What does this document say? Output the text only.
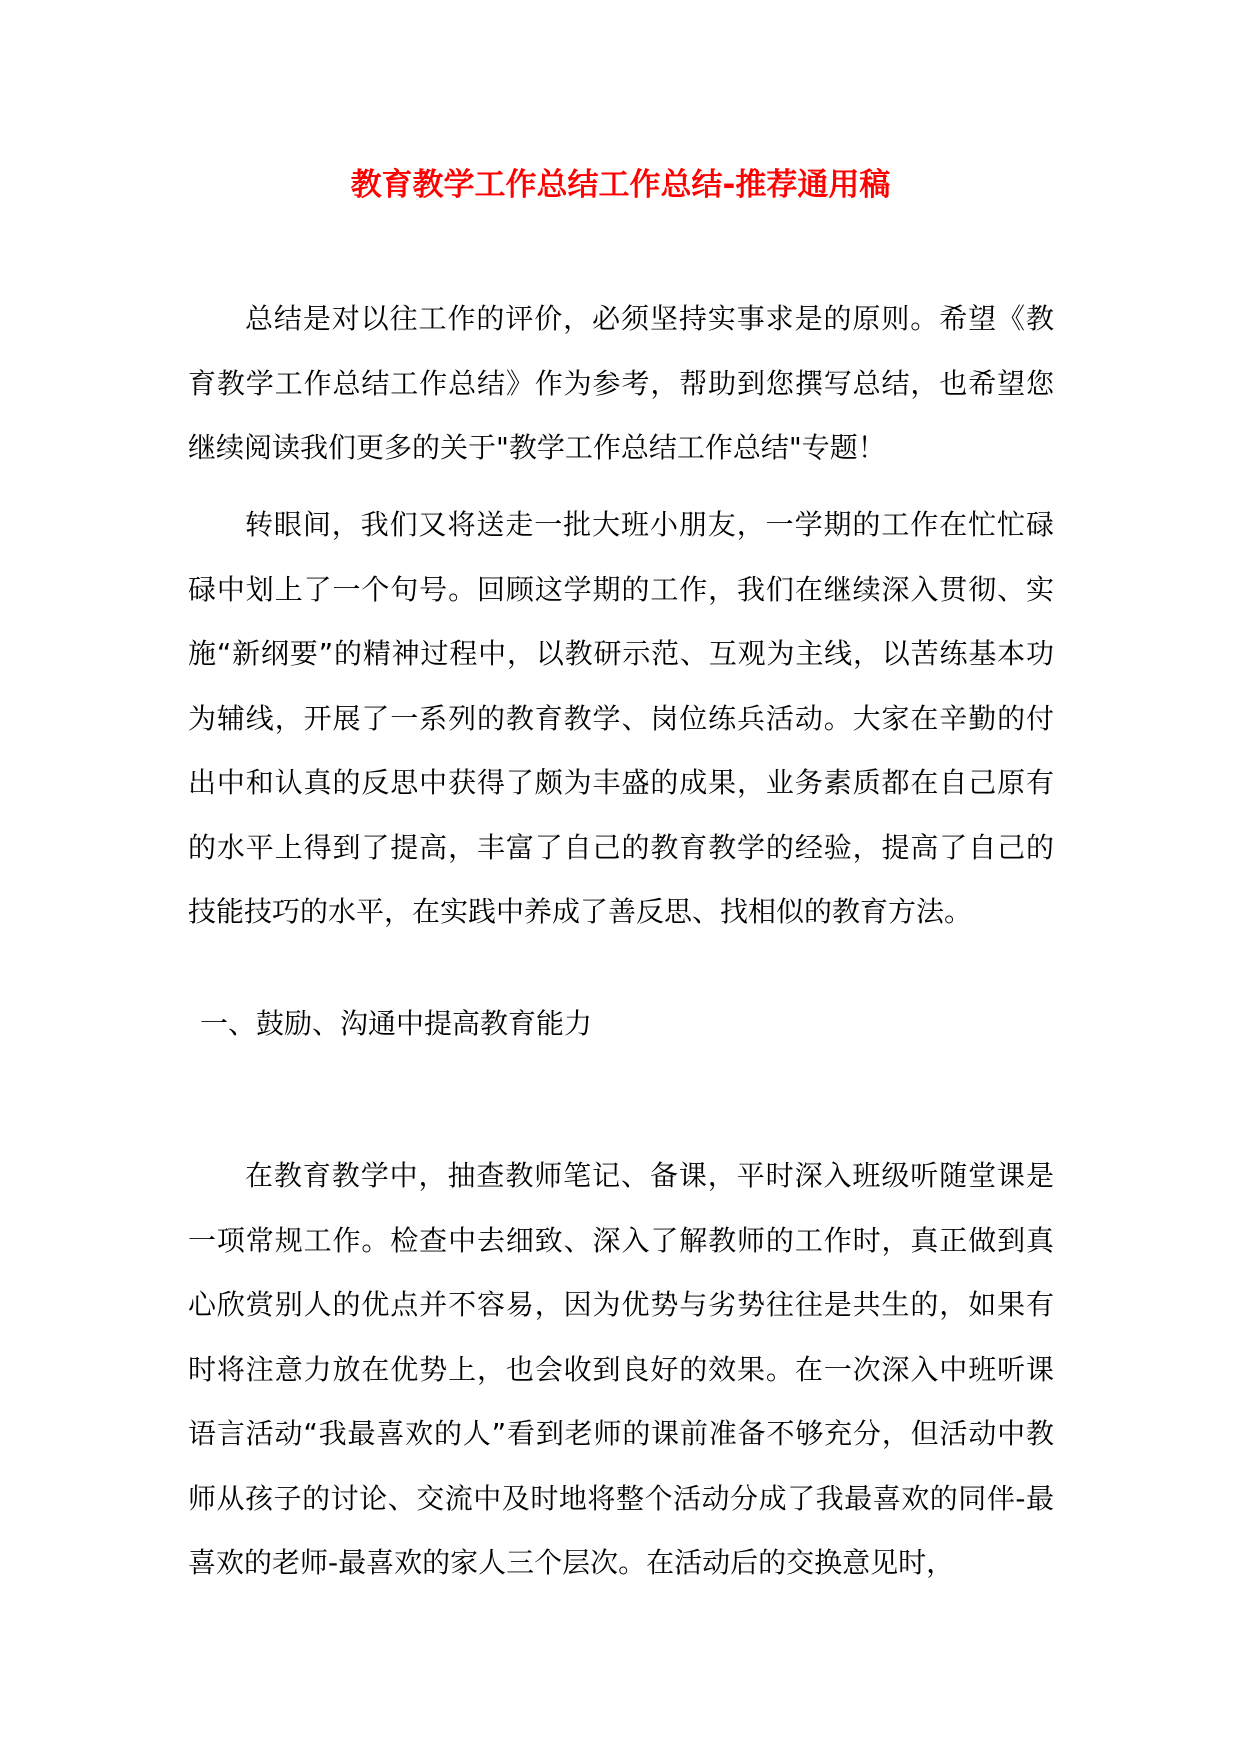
教育教学工作总结工作总结-推荐通用稿

总结是对以往工作的评价，必须坚持实事求是的原则。希望《教育教学工作总结工作总结》作为参考，帮助到您撰写总结，也希望您继续阅读我们更多的关于"教学工作总结工作总结"专题！

转眼间，我们又将送走一批大班小朋友，一学期的工作在忙忙碌碌中划上了一个句号。回顾这学期的工作，我们在继续深入贯彻、实施“新纲要”的精神过程中，以教研示范、互观为主线，以苦练基本功为辅线，开展了一系列的教育教学、岗位练兵活动。大家在辛勤的付出中和认真的反思中获得了颇为丰盛的成果，业务素质都在自己原有的水平上得到了提高，丰富了自己的教育教学的经验，提高了自己的技能技巧的水平，在实践中养成了善反思、找相似的教育方法。

一、鼓励、沟通中提高教育能力

在教育教学中，抽查教师笔记、备课，平时深入班级听随堂课是一项常规工作。检查中去细致、深入了解教师的工作时，真正做到真心欣赏别人的优点并不容易，因为优势与劣势往往是共生的，如果有时将注意力放在优势上，也会收到良好的效果。在一次深入中班听课语言活动“我最喜欢的人”看到老师的课前准备不够充分，但活动中教师从孩子的讨论、交流中及时地将整个活动分成了我最喜欢的同伴-最喜欢的老师-最喜欢的家人三个层次。在活动后的交换意见时，
